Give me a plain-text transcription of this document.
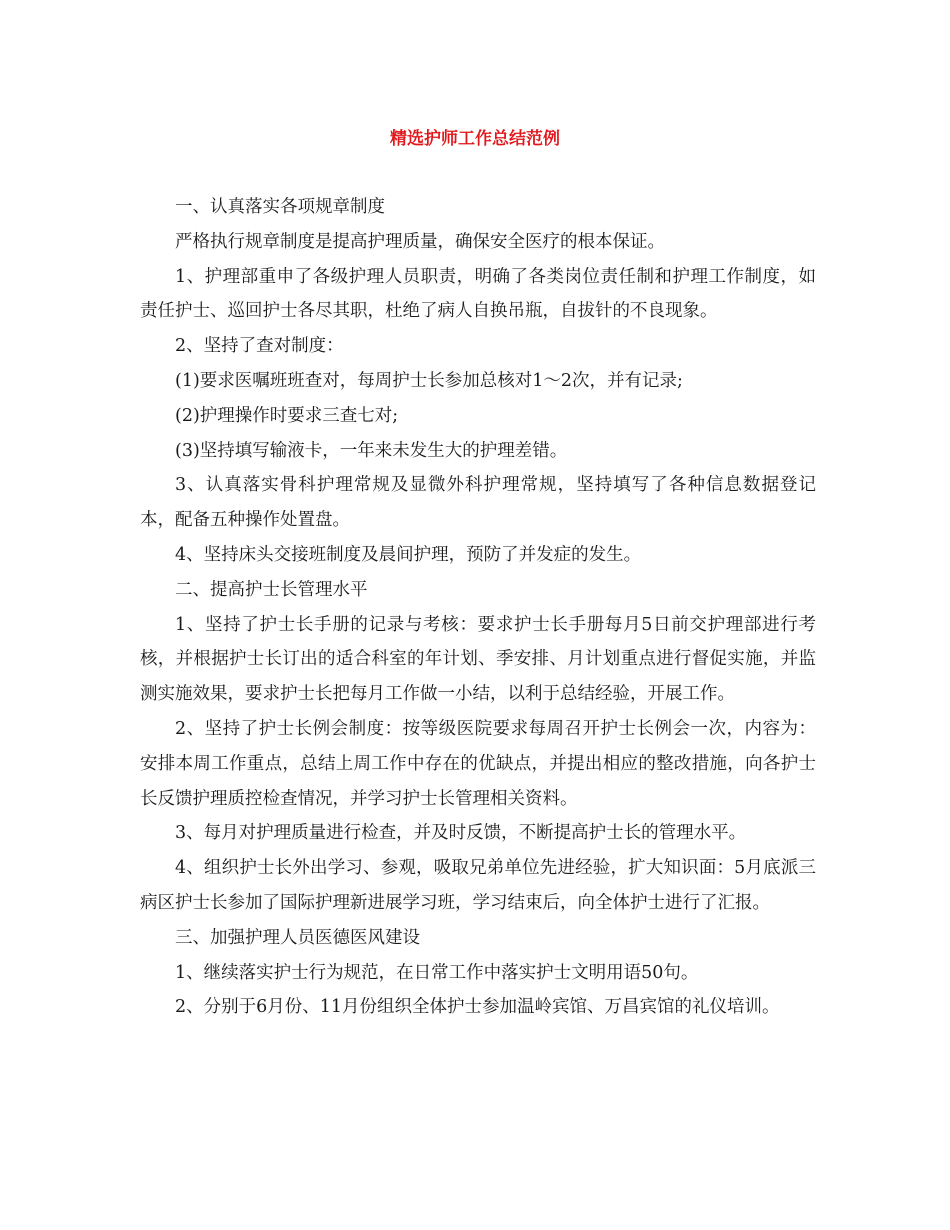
精选护师工作总结范例

一、认真落实各项规章制度

严格执行规章制度是提高护理质量，确保安全医疗的根本保证。

1、护理部重申了各级护理人员职责，明确了各类岗位责任制和护理工作制度，如责任护士、巡回护士各尽其职，杜绝了病人自换吊瓶，自拔针的不良现象。

2、坚持了查对制度：

(1)要求医嘱班班查对，每周护士长参加总核对1～2次，并有记录;

(2)护理操作时要求三查七对;

(3)坚持填写输液卡，一年来未发生大的护理差错。

3、认真落实骨科护理常规及显微外科护理常规，坚持填写了各种信息数据登记本，配备五种操作处置盘。

4、坚持床头交接班制度及晨间护理，预防了并发症的发生。

二、提高护士长管理水平

1、坚持了护士长手册的记录与考核：要求护士长手册每月5日前交护理部进行考核，并根据护士长订出的适合科室的年计划、季安排、月计划重点进行督促实施，并监测实施效果，要求护士长把每月工作做一小结，以利于总结经验，开展工作。

2、坚持了护士长例会制度：按等级医院要求每周召开护士长例会一次，内容为：安排本周工作重点，总结上周工作中存在的优缺点，并提出相应的整改措施，向各护士长反馈护理质控检查情况，并学习护士长管理相关资料。

3、每月对护理质量进行检查，并及时反馈，不断提高护士长的管理水平。

4、组织护士长外出学习、参观，吸取兄弟单位先进经验，扩大知识面：5月底派三病区护士长参加了国际护理新进展学习班，学习结束后，向全体护士进行了汇报。

三、加强护理人员医德医风建设

1、继续落实护士行为规范，在日常工作中落实护士文明用语50句。

2、分别于6月份、11月份组织全体护士参加温岭宾馆、万昌宾馆的礼仪培训。
